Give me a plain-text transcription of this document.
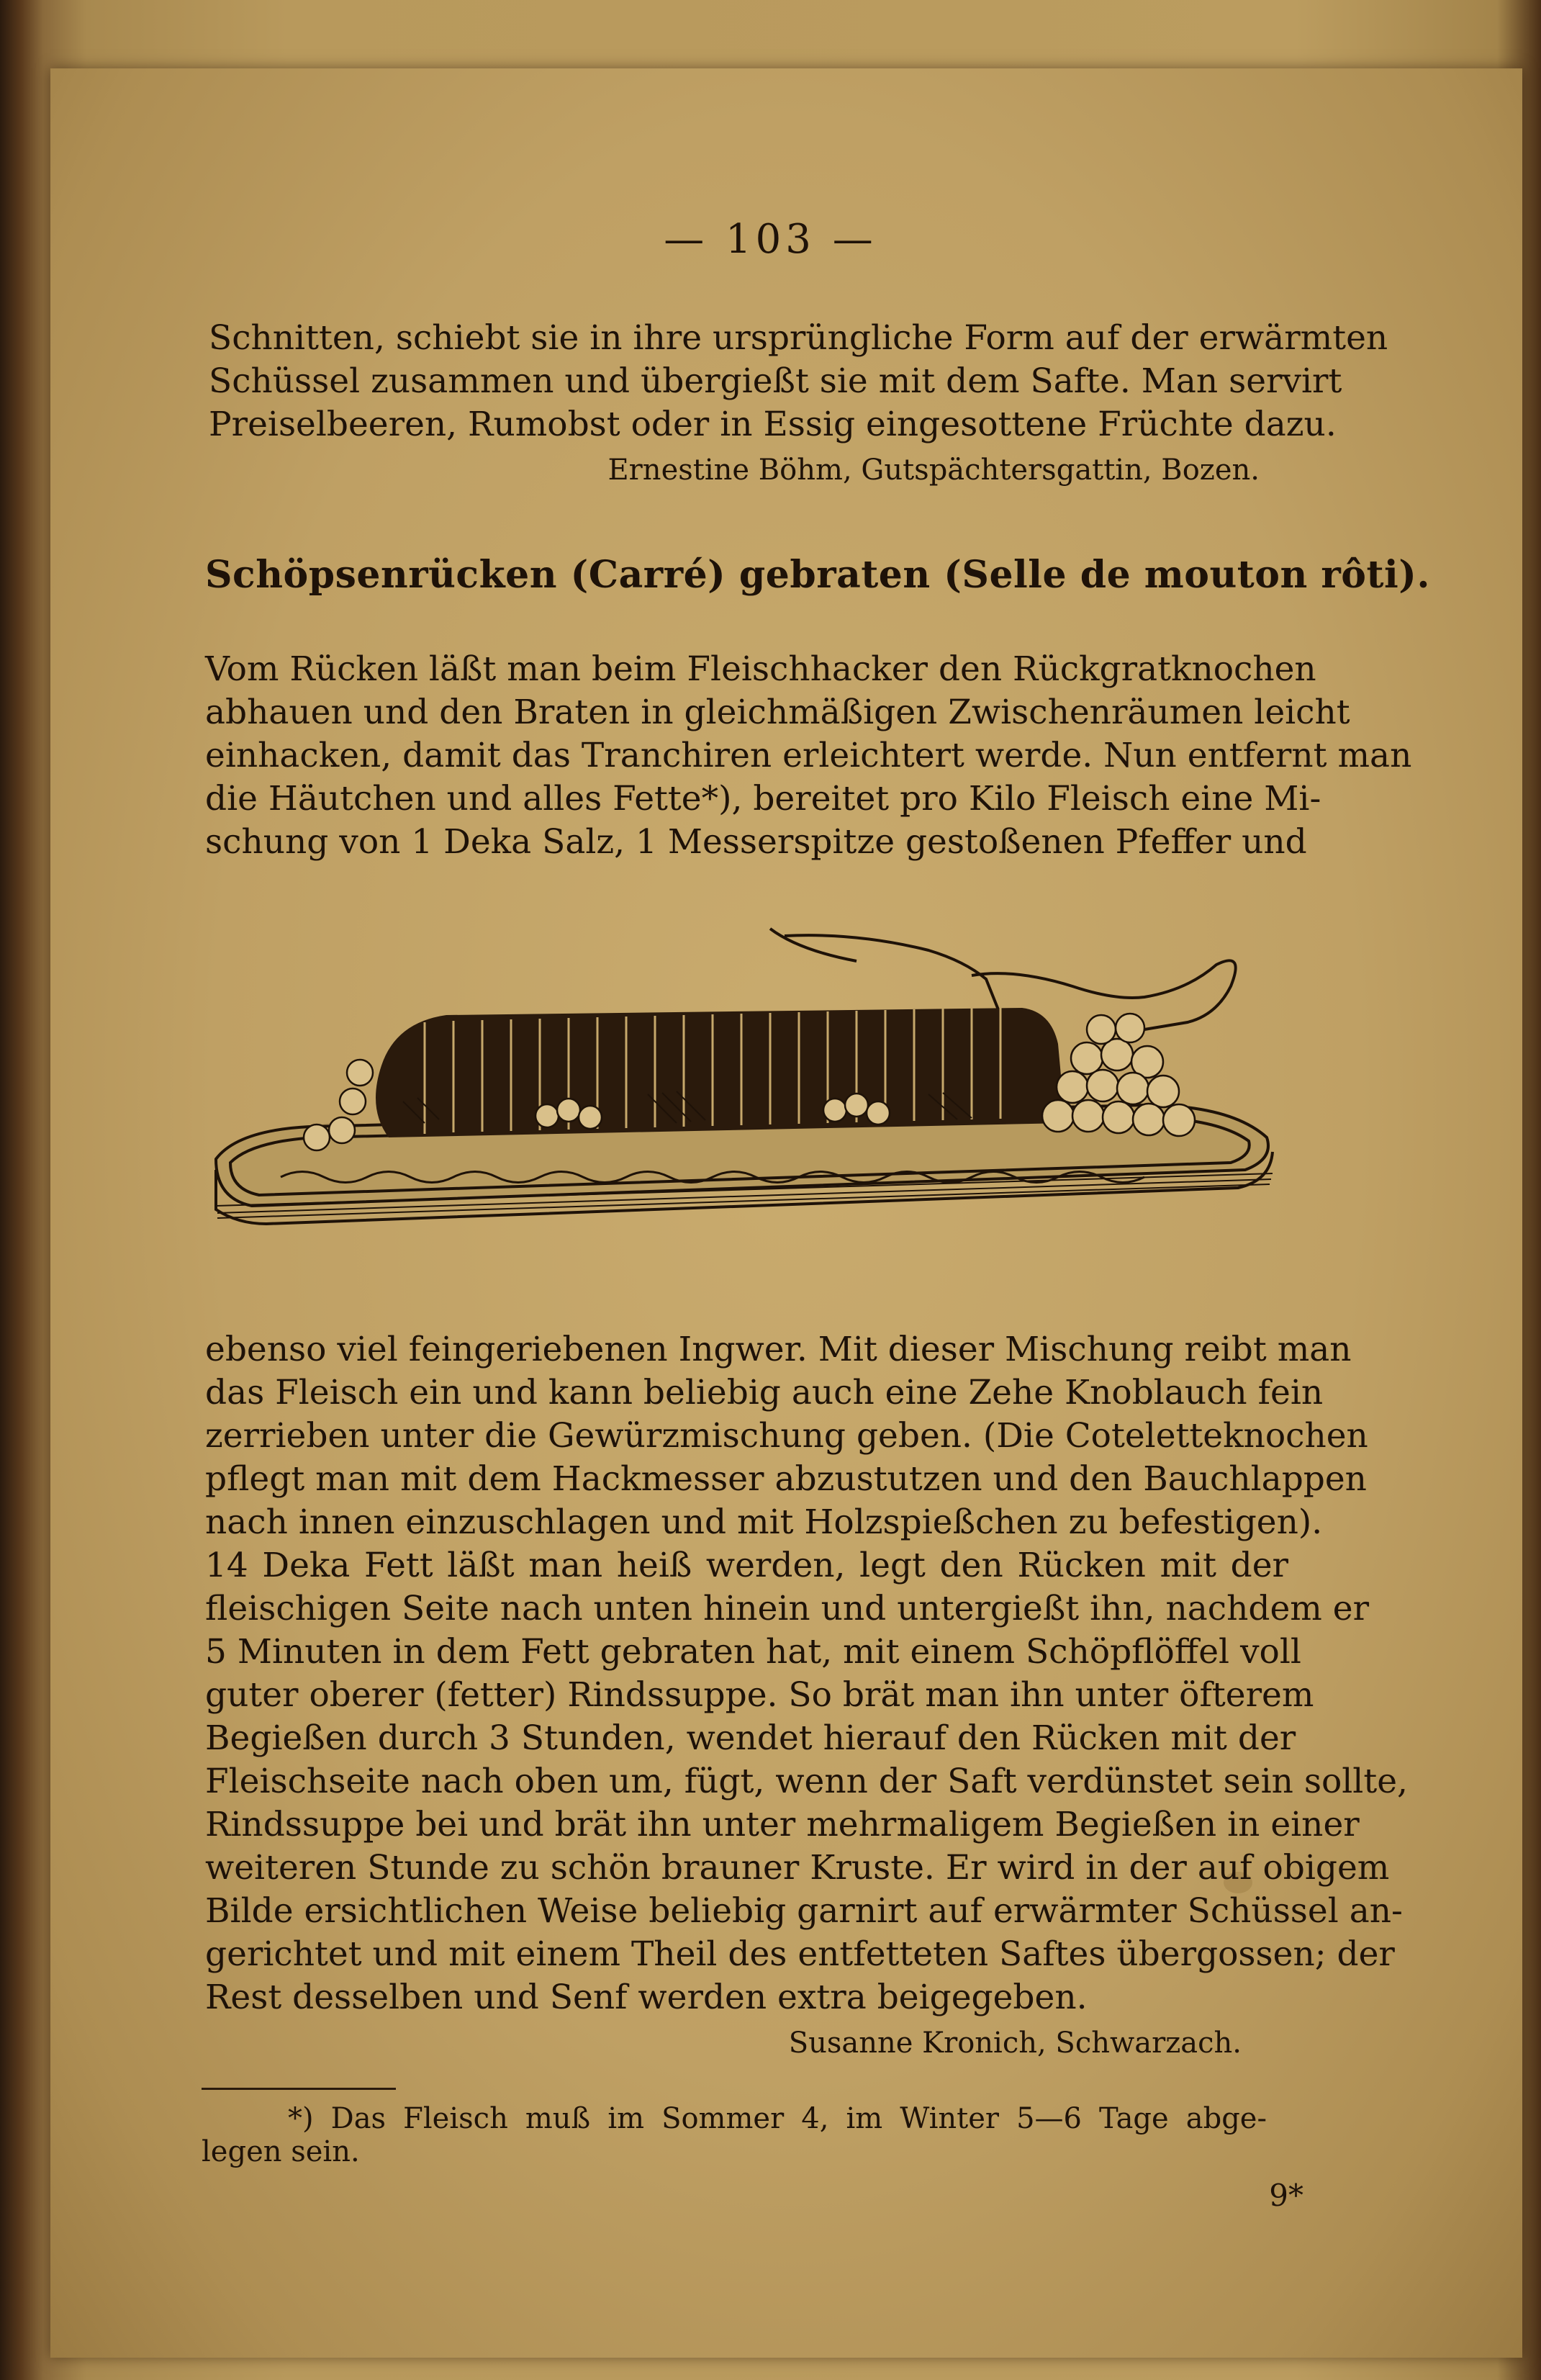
— 103 —
Schnitten, schiebt sie in ihre ursprüngliche Form auf der erwärmten
Schüssel zusammen und übergießt sie mit dem Safte. Man servirt
Preiselbeeren, Rumobst oder in Essig eingesottene Früchte dazu.
Ernestine Böhm, Gutspächtersgattin, Bozen.
Schöpsenrücken (Carré) gebraten (Selle de mouton rôti).
Vom Rücken läßt man beim Fleischhacker den Rückgratknochen
abhauen und den Braten in gleichmäßigen Zwischenräumen leicht
einhacken, damit das Tranchiren erleichtert werde. Nun entfernt man
die Häutchen und alles Fette*), bereitet pro Kilo Fleisch eine Mi-
schung von 1 Deka Salz, 1 Messerspitze gestoßenen Pfeffer und
ebenso viel feingeriebenen Ingwer. Mit dieser Mischung reibt man
das Fleisch ein und kann beliebig auch eine Zehe Knoblauch fein
zerrieben unter die Gewürzmischung geben. (Die Coteletteknochen
pflegt man mit dem Hackmesser abzustutzen und den Bauchlappen
nach innen einzuschlagen und mit Holzspießchen zu befestigen).
14 Deka Fett läßt man heiß werden, legt den Rücken mit der
fleischigen Seite nach unten hinein und untergießt ihn, nachdem er
5 Minuten in dem Fett gebraten hat, mit einem Schöpflöffel voll
guter oberer (fetter) Rindssuppe. So brät man ihn unter öfterem
Begießen durch 3 Stunden, wendet hierauf den Rücken mit der
Fleischseite nach oben um, fügt, wenn der Saft verdünstet sein sollte,
Rindssuppe bei und brät ihn unter mehrmaligem Begießen in einer
weiteren Stunde zu schön brauner Kruste. Er wird in der auf obigem
Bilde ersichtlichen Weise beliebig garnirt auf erwärmter Schüssel an-
gerichtet und mit einem Theil des entfetteten Saftes übergossen; der
Rest desselben und Senf werden extra beigegeben.
Susanne Kronich, Schwarzach.
*) Das Fleisch muß im Sommer 4, im Winter 5—6 Tage abge-
legen sein.
9*
